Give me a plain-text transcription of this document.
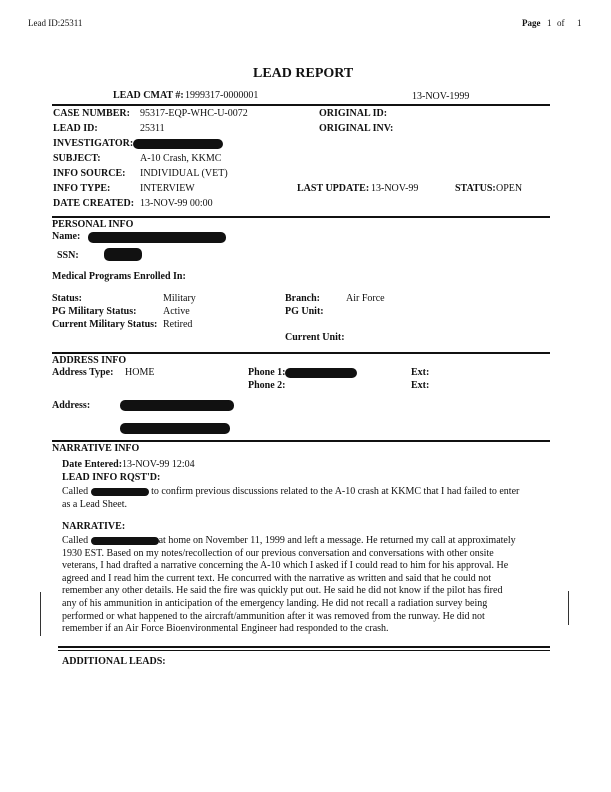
Lead ID:25311	Page 1 of 1
LEAD REPORT
LEAD CMAT #: 1999317-0000001	13-NOV-1999
CASE NUMBER: 95317-EQP-WHC-U-0072	ORIGINAL ID:
LEAD ID:	25311	ORIGINAL INV:
INVESTIGATOR:
SUBJECT:	A-10 Crash, KKMC
INFO SOURCE: INDIVIDUAL (VET)
INFO TYPE:	INTERVIEW	LAST UPDATE: 13-NOV-99	STATUS: OPEN
DATE CREATED: 13-NOV-99 00:00
PERSONAL INFO
Name:
SSN:
Medical Programs Enrolled In:
Status:	Military	Branch:	Air Force
PG Military Status:	Active	PG Unit:
Current Military Status: Retired
Current Unit:
ADDRESS INFO
Address Type: HOME	Phone 1:	Ext:
Phone 2:	Ext:
Address:
NARRATIVE INFO
Date Entered: 13-NOV-99 12:04
LEAD INFO RQST'D:
Called	to confirm previous discussions related to the A-10 crash at KKMC that I had failed to enter
as a Lead Sheet.
NARRATIVE:
Called	at home on November 11, 1999 and left a message. He returned my call at approximately
1930 EST. Based on my notes/recollection of our previous conversation and conversations with other onsite
veterans, I had drafted a narrative concerning the A-10 which I asked if I could read to him for his approval. He
agreed and I read him the current text. He concurred with the narrative as written and said that he could not
remember any other details. He said the fire was quickly put out. He said he did not know if the pilot has fired
any of his ammunition in anticipation of the emergency landing. He did not recall a radiation survey being
performed or what happened to the aircraft/ammunition after it was removed from the runway. He did not
remember if an Air Force Bioenvironmental Engineer had responded to the crash.
ADDITIONAL LEADS:
